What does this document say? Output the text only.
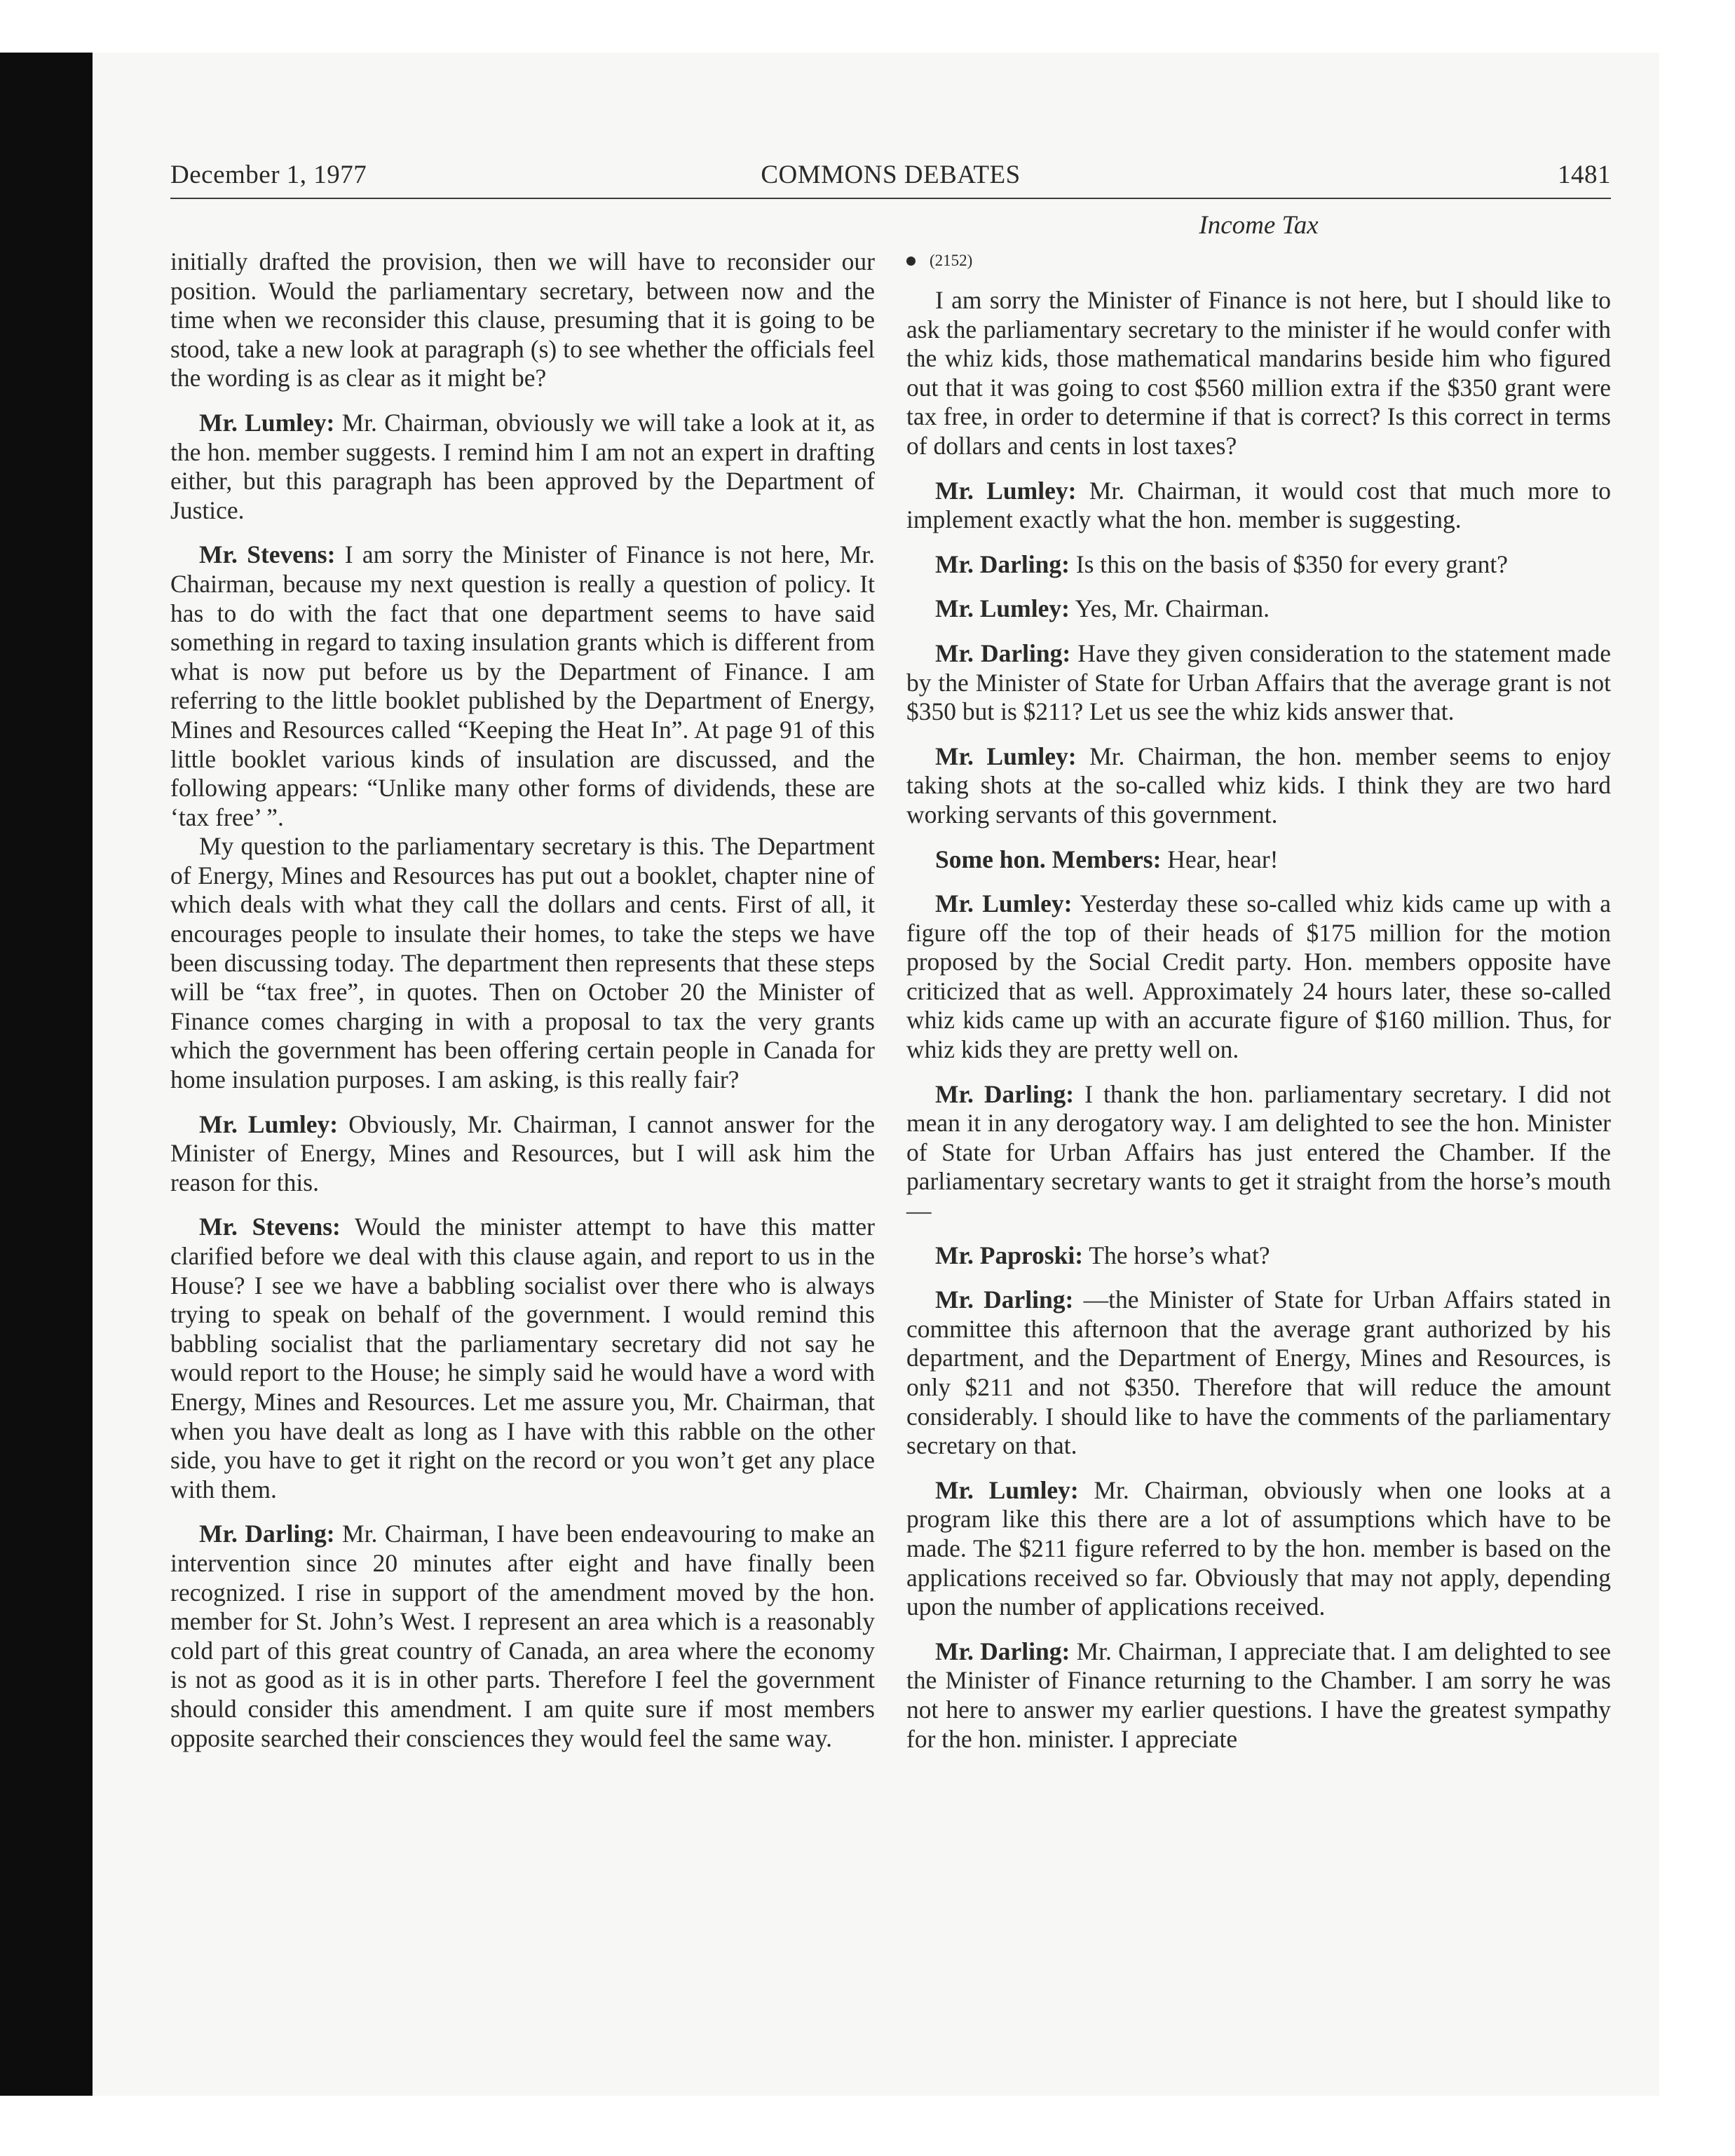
December 1, 1977	COMMONS DEBATES	1481

initially drafted the provision, then we will have to reconsider our position. Would the parliamentary secretary, between now and the time when we reconsider this clause, presuming that it is going to be stood, take a new look at paragraph (s) to see whether the officials feel the wording is as clear as it might be?

Mr. Lumley: Mr. Chairman, obviously we will take a look at it, as the hon. member suggests. I remind him I am not an expert in drafting either, but this paragraph has been approved by the Department of Justice.

Mr. Stevens: I am sorry the Minister of Finance is not here, Mr. Chairman, because my next question is really a question of policy. It has to do with the fact that one department seems to have said something in regard to taxing insulation grants which is different from what is now put before us by the Department of Finance. I am referring to the little booklet published by the Department of Energy, Mines and Resources called “Keeping the Heat In”. At page 91 of this little booklet various kinds of insulation are discussed, and the following appears: “Unlike many other forms of dividends, these are ‘tax free’ ”.

My question to the parliamentary secretary is this. The Department of Energy, Mines and Resources has put out a booklet, chapter nine of which deals with what they call the dollars and cents. First of all, it encourages people to insulate their homes, to take the steps we have been discussing today. The department then represents that these steps will be “tax free”, in quotes. Then on October 20 the Minister of Finance comes charging in with a proposal to tax the very grants which the government has been offering certain people in Canada for home insulation purposes. I am asking, is this really fair?

Mr. Lumley: Obviously, Mr. Chairman, I cannot answer for the Minister of Energy, Mines and Resources, but I will ask him the reason for this.

Mr. Stevens: Would the minister attempt to have this matter clarified before we deal with this clause again, and report to us in the House? I see we have a babbling socialist over there who is always trying to speak on behalf of the government. I would remind this babbling socialist that the parliamentary secretary did not say he would report to the House; he simply said he would have a word with Energy, Mines and Resources. Let me assure you, Mr. Chairman, that when you have dealt as long as I have with this rabble on the other side, you have to get it right on the record or you won’t get any place with them.

Mr. Darling: Mr. Chairman, I have been endeavouring to make an intervention since 20 minutes after eight and have finally been recognized. I rise in support of the amendment moved by the hon. member for St. John’s West. I represent an area which is a reasonably cold part of this great country of Canada, an area where the economy is not as good as it is in other parts. Therefore I feel the government should consider this amendment. I am quite sure if most members opposite searched their consciences they would feel the same way.

Income Tax
(2152)

I am sorry the Minister of Finance is not here, but I should like to ask the parliamentary secretary to the minister if he would confer with the whiz kids, those mathematical mandarins beside him who figured out that it was going to cost $560 million extra if the $350 grant were tax free, in order to determine if that is correct? Is this correct in terms of dollars and cents in lost taxes?

Mr. Lumley: Mr. Chairman, it would cost that much more to implement exactly what the hon. member is suggesting.

Mr. Darling: Is this on the basis of $350 for every grant?

Mr. Lumley: Yes, Mr. Chairman.

Mr. Darling: Have they given consideration to the statement made by the Minister of State for Urban Affairs that the average grant is not $350 but is $211? Let us see the whiz kids answer that.

Mr. Lumley: Mr. Chairman, the hon. member seems to enjoy taking shots at the so-called whiz kids. I think they are two hard working servants of this government.

Some hon. Members: Hear, hear!

Mr. Lumley: Yesterday these so-called whiz kids came up with a figure off the top of their heads of $175 million for the motion proposed by the Social Credit party. Hon. members opposite have criticized that as well. Approximately 24 hours later, these so-called whiz kids came up with an accurate figure of $160 million. Thus, for whiz kids they are pretty well on.

Mr. Darling: I thank the hon. parliamentary secretary. I did not mean it in any derogatory way. I am delighted to see the hon. Minister of State for Urban Affairs has just entered the Chamber. If the parliamentary secretary wants to get it straight from the horse’s mouth—

Mr. Paproski: The horse’s what?

Mr. Darling: —the Minister of State for Urban Affairs stated in committee this afternoon that the average grant authorized by his department, and the Department of Energy, Mines and Resources, is only $211 and not $350. Therefore that will reduce the amount considerably. I should like to have the comments of the parliamentary secretary on that.

Mr. Lumley: Mr. Chairman, obviously when one looks at a program like this there are a lot of assumptions which have to be made. The $211 figure referred to by the hon. member is based on the applications received so far. Obviously that may not apply, depending upon the number of applications received.

Mr. Darling: Mr. Chairman, I appreciate that. I am delighted to see the Minister of Finance returning to the Chamber. I am sorry he was not here to answer my earlier questions. I have the greatest sympathy for the hon. minister. I appreciate
